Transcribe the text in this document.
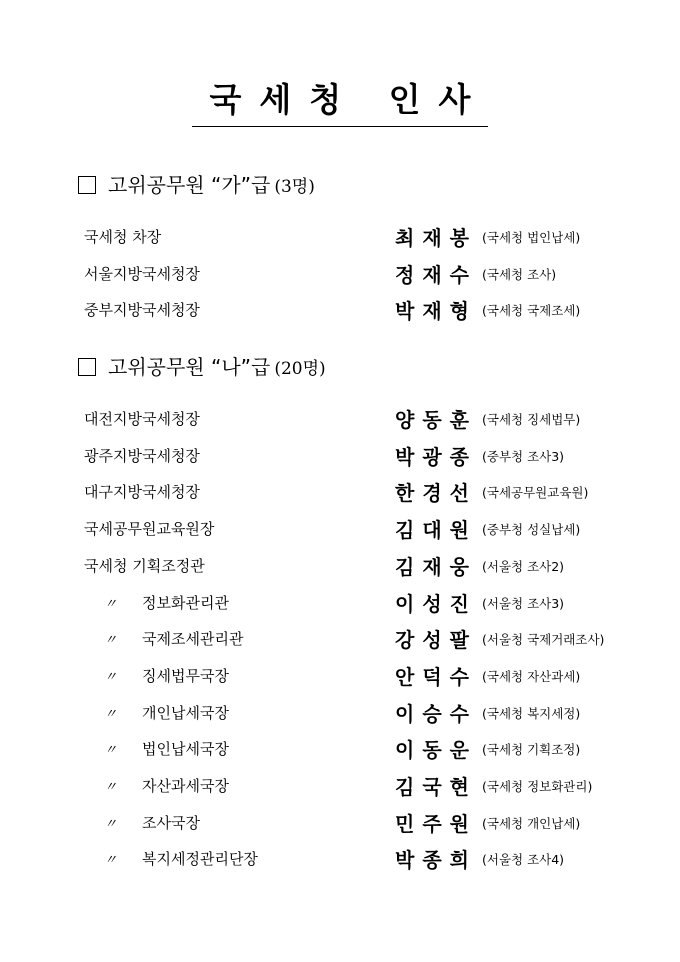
국세청 인사
고위공무원 “가”급 (3명)
국세청 차장	최재봉 (국세청 법인납세)
서울지방국세청장	정재수 (국세청 조사)
중부지방국세청장	박재형 (국세청 국제조세)
고위공무원 “나”급 (20명)
대전지방국세청장	양동훈 (국세청 징세법무)
광주지방국세청장	박광종 (중부청 조사3)
대구지방국세청장	한경선 (국세공무원교육원)
국세공무원교육원장	김대원 (중부청 성실납세)
국세청 기획조정관	김재웅 (서울청 조사2)
〃 정보화관리관	이성진 (서울청 조사3)
〃 국제조세관리관	강성팔 (서울청 국제거래조사)
〃 징세법무국장	안덕수 (국세청 자산과세)
〃 개인납세국장	이승수 (국세청 복지세정)
〃 법인납세국장	이동운 (국세청 기획조정)
〃 자산과세국장	김국현 (국세청 정보화관리)
〃 조사국장	민주원 (국세청 개인납세)
〃 복지세정관리단장	박종희 (서울청 조사4)
